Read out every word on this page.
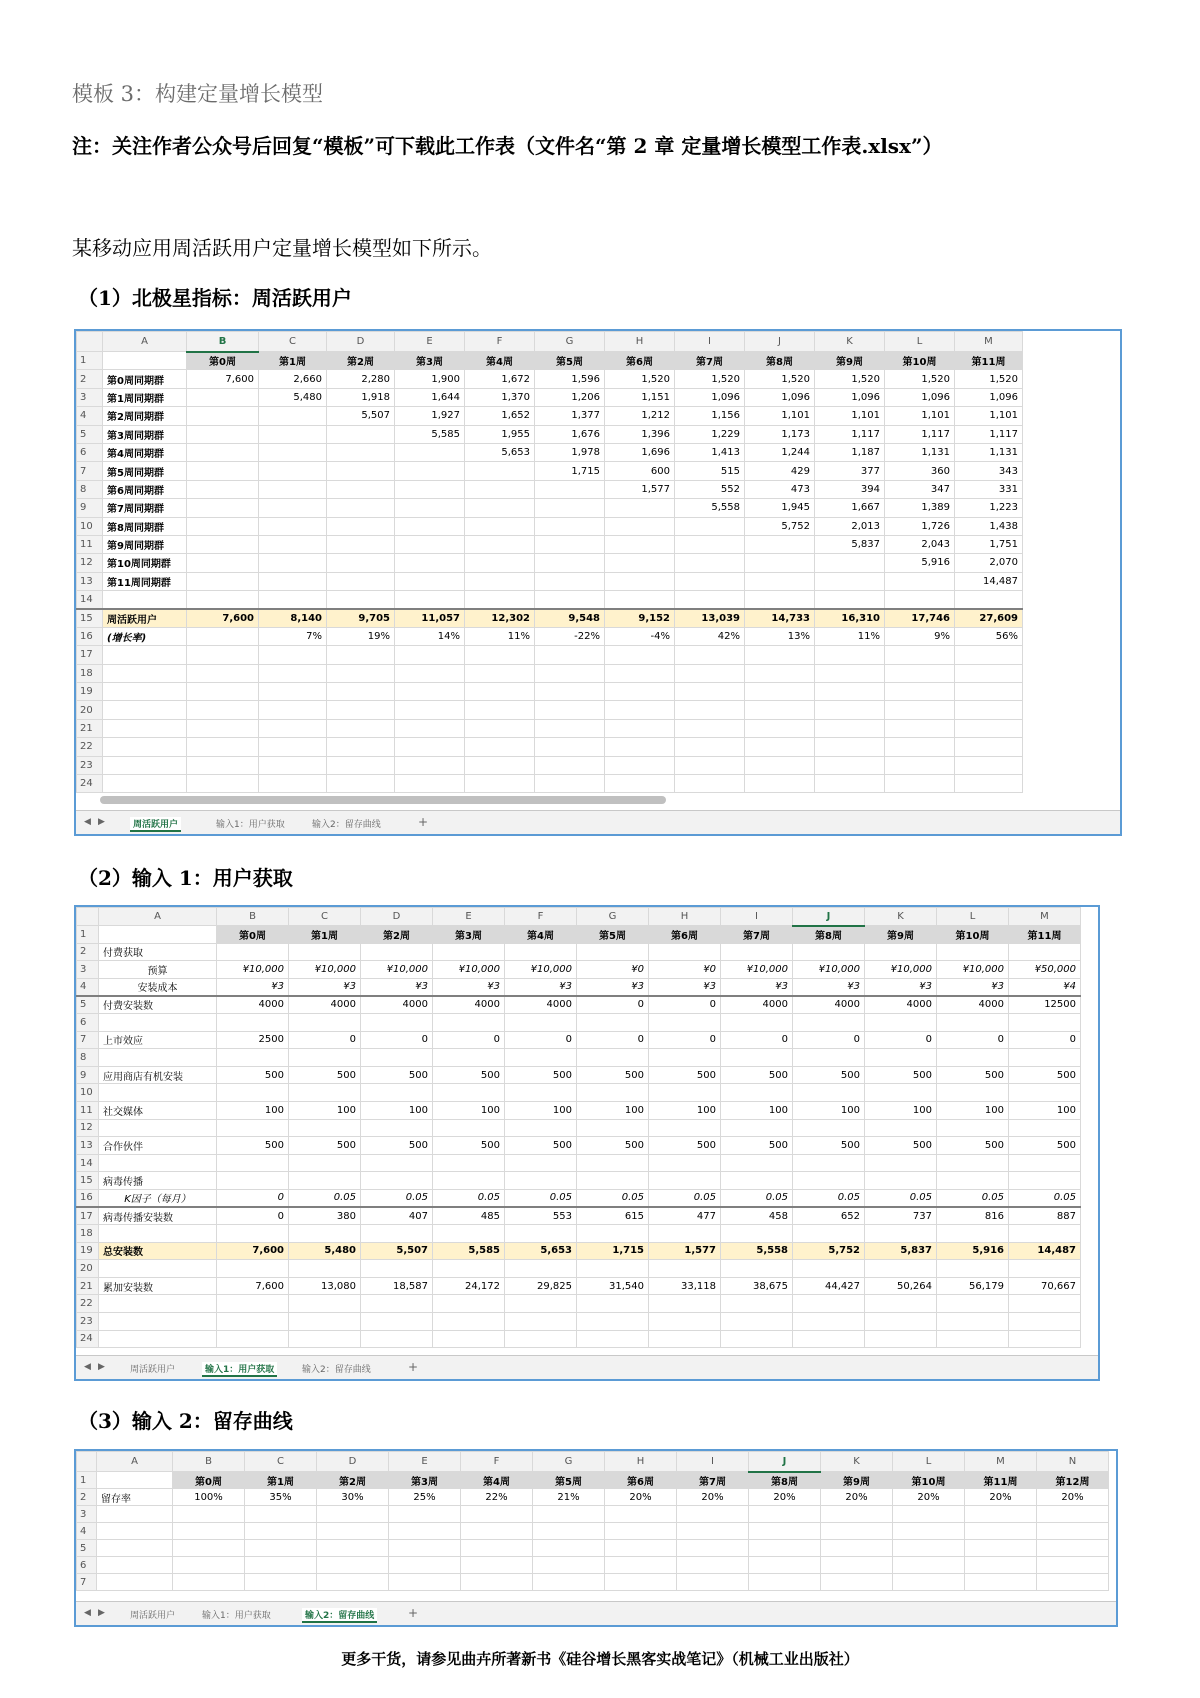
模板 3：构建定量增长模型
注：关注作者公众号后回复“模板”可下载此工作表（文件名“第 2 章 定量增长模型工作表.xlsx”）
某移动应用周活跃用户定量增长模型如下所示。
（1）北极星指标：周活跃用户
	A	B	C	D	E	F	G	H	I	J	K	L	M
1		第0周	第1周	第2周	第3周	第4周	第5周	第6周	第7周	第8周	第9周	第10周	第11周
2	第0周同期群	7,600	2,660	2,280	1,900	1,672	1,596	1,520	1,520	1,520	1,520	1,520	1,520
3	第1周同期群		5,480	1,918	1,644	1,370	1,206	1,151	1,096	1,096	1,096	1,096	1,096
4	第2周同期群			5,507	1,927	1,652	1,377	1,212	1,156	1,101	1,101	1,101	1,101
5	第3周同期群				5,585	1,955	1,676	1,396	1,229	1,173	1,117	1,117	1,117
6	第4周同期群					5,653	1,978	1,696	1,413	1,244	1,187	1,131	1,131
7	第5周同期群						1,715	600	515	429	377	360	343
8	第6周同期群							1,577	552	473	394	347	331
9	第7周同期群								5,558	1,945	1,667	1,389	1,223
10	第8周同期群									5,752	2,013	1,726	1,438
11	第9周同期群										5,837	2,043	1,751
12	第10周同期群											5,916	2,070
13	第11周同期群												14,487
14													
15	周活跃用户	7,600	8,140	9,705	11,057	12,302	9,548	9,152	13,039	14,733	16,310	17,746	27,609
16	(增长率)		7%	19%	14%	11%	-22%	-4%	42%	13%	11%	9%	56%
17													
18													
19													
20													
21													
22													
23													
24													
◀ ▶	周活跃用户	输入1：用户获取	输入2：留存曲线	+
（2）输入 1：用户获取
	A	B	C	D	E	F	G	H	I	J	K	L	M
1		第0周	第1周	第2周	第3周	第4周	第5周	第6周	第7周	第8周	第9周	第10周	第11周
2	付费获取												
3	预算	¥10,000	¥10,000	¥10,000	¥10,000	¥10,000	¥0	¥0	¥10,000	¥10,000	¥10,000	¥10,000	¥50,000
4	安装成本	¥3	¥3	¥3	¥3	¥3	¥3	¥3	¥3	¥3	¥3	¥3	¥4
5	付费安装数	4000	4000	4000	4000	4000	0	0	4000	4000	4000	4000	12500
6													
7	上市效应	2500	0	0	0	0	0	0	0	0	0	0	0
8													
9	应用商店有机安装	500	500	500	500	500	500	500	500	500	500	500	500
10													
11	社交媒体	100	100	100	100	100	100	100	100	100	100	100	100
12													
13	合作伙伴	500	500	500	500	500	500	500	500	500	500	500	500
14													
15	病毒传播												
16	K因子（每月）	0	0.05	0.05	0.05	0.05	0.05	0.05	0.05	0.05	0.05	0.05	0.05
17	病毒传播安装数	0	380	407	485	553	615	477	458	652	737	816	887
18													
19	总安装数	7,600	5,480	5,507	5,585	5,653	1,715	1,577	5,558	5,752	5,837	5,916	14,487
20													
21	累加安装数	7,600	13,080	18,587	24,172	29,825	31,540	33,118	38,675	44,427	50,264	56,179	70,667
22													
23													
24													
◀ ▶	周活跃用户	输入1：用户获取	输入2：留存曲线	+
（3）输入 2：留存曲线
	A	B	C	D	E	F	G	H	I	J	K	L	M	N
1		第0周	第1周	第2周	第3周	第4周	第5周	第6周	第7周	第8周	第9周	第10周	第11周	第12周
2	留存率	100%	35%	30%	25%	22%	21%	20%	20%	20%	20%	20%	20%	20%
3														
4														
5														
6														
7														
◀ ▶	周活跃用户	输入1：用户获取	输入2：留存曲线	+
更多干货，请参见曲卉所著新书《硅谷增长黑客实战笔记》（机械工业出版社）
